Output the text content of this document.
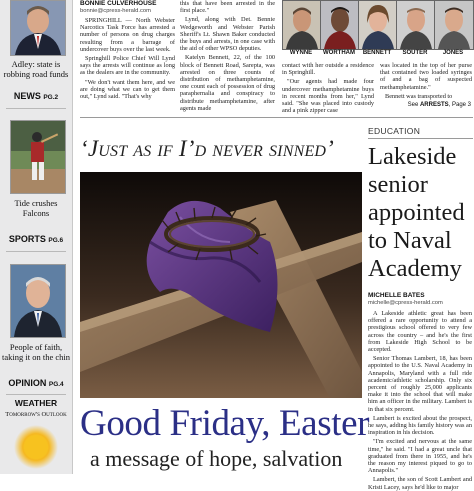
Adley: state is robbing road funds
NEWS PG.2
Tide crushes Falcons
SPORTS PG.6
People of faith, taking it on the chin
OPINION PG.4
WEATHER
Tomorrow's Outlook
BONNIE CULVERHOUSE
bonnie@cpress-herald.com

SPRINGHILL — North Webster Narcotics Task Force has arrested a number of persons on drug charges resulting from a barrage of undercover buys over the last week.

Springhill Police Chief Will Lynd says the arrests will continue as long as the dealers are in the community.

"We don't want them here, and we are doing what we can to get them out," Lynd said. "That's why

this that have been arrested in the first place."

Lynd, along with Det. Bennie Wedgeworth and Webster Parish Sheriff's Lt. Shawn Baker conducted the buys and arrests, in one case with the aid of other WPSO deputies.

Katelyn Bennett, 22, of the 100 block of Bennett Road, Sarepta, was arrested on three counts of distribution of methamphetamine, one count each of possession of drug paraphernalia and conspiracy to distribute methamphetamine, after agents made

WYNNE	WORTHAM	BENNETT	SOUTER	JONES

contact with her outside a residence in Springhill.

"Our agents had made four undercover methamphetamine buys in recent months from her," Lynd said. "She was placed into custody and a pink zipper case

was located in the top of her purse that contained two loaded syringes of and a bag of suspected methamphetamine."

Bennett was transported to

See ARRESTS, Page 3
‘Just as if I’d never sinned’
Good Friday, Easter
a message of hope, salvation
EDUCATION
Lakeside senior appointed to Naval Academy
MICHELLE BATES
michelle@cpress-herald.com

A Lakeside athletic great has been offered a rare opportunity to attend a prestigious school offered to very few across the country – and he's the first from Lakeside High School to be accepted.

Senior Thomas Lambert, 18, has been appointed to the U.S. Naval Academy in Annapolis, Maryland with a full ride academic/athletic scholarship. Only six percent of roughly 25,000 applicants make it into the school that will make him an officer in the military. Lambert is in that six percent.

Lambert is excited about the prospect, he says, adding his family history was an inspiration in his decision.

"I'm excited and nervous at the same time," he said. "I had a great uncle that graduated from there in 1955, and he's the reason my interest piqued to go to Annapolis."

Lambert, the son of Scott Lambert and Kristi Lacey, says he'd like to major
